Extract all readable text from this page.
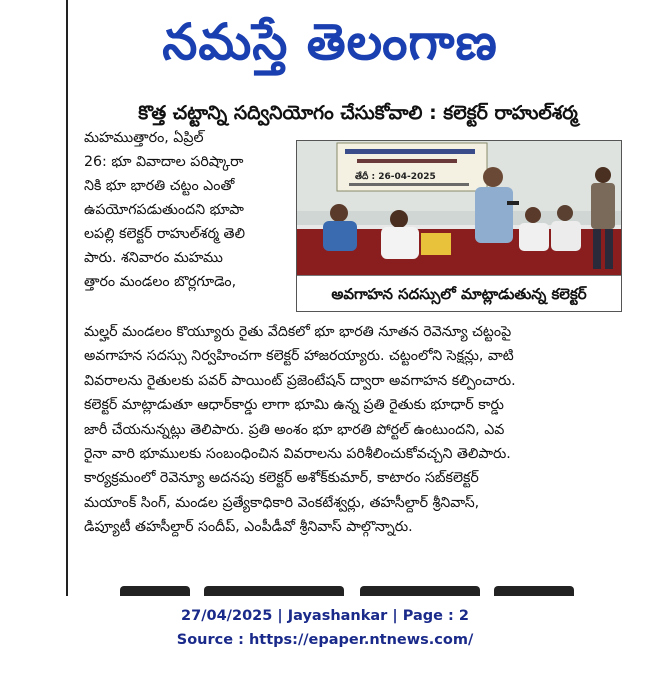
నమస్తే తెలంగాణ
కొత్త చట్టాన్ని సద్వినియోగం చేసుకోవాలి : కలెక్టర్ రాహుల్‌శర్మ
మహముత్తారం, ఏప్రిల్
26: భూ వివాదాల పరిష్కారా
నికి భూ భారతి చట్టం ఎంతో
ఉపయోగపడుతుందని భూపా
లపల్లి కలెక్టర్ రాహుల్‌శర్మ తెలి
పారు. శనివారం మహము
త్తారం మండలం బొర్లగూడెం,
తేదీ : 26-04-2025
అవగాహన సదస్సులో మాట్లాడుతున్న కలెక్టర్
మల్హర్ మండలం కొయ్యూరు రైతు వేదికలో భూ భారతి నూతన రెవెన్యూ చట్టంపై
అవగాహన సదస్సు నిర్వహించగా కలెక్టర్ హాజరయ్యారు. చట్టంలోని సెక్షన్లు, వాటి
వివరాలను రైతులకు పవర్ పాయింట్ ప్రజెంటేషన్ ద్వారా అవగాహన కల్పించారు.
కలెక్టర్ మాట్లాడుతూ ఆధార్‌కార్డు లాగా భూమి ఉన్న ప్రతి రైతుకు భూధార్ కార్డు
జారీ చేయనున్నట్లు తెలిపారు. ప్రతి అంశం భూ భారతి పోర్టల్ ఉంటుందని, ఎవ
రైనా వారి భూములకు సంబంధించిన వివరాలను పరిశీలించుకోవచ్చని తెలిపారు.
కార్యక్రమంలో రెవెన్యూ అదనపు కలెక్టర్ అశోక్‌కుమార్, కాటారం సబ్‌కలెక్టర్
మయాంక్ సింగ్, మండల ప్రత్యేకాధికారి వెంకటేశ్వర్లు, తహసీల్దార్ శ్రీనివాస్,
డిప్యూటీ తహసీల్దార్ సందీప్, ఎంపీడీవో శ్రీనివాస్ పాల్గొన్నారు.
27/04/2025 | Jayashankar | Page : 2
Source : https://epaper.ntnews.com/
